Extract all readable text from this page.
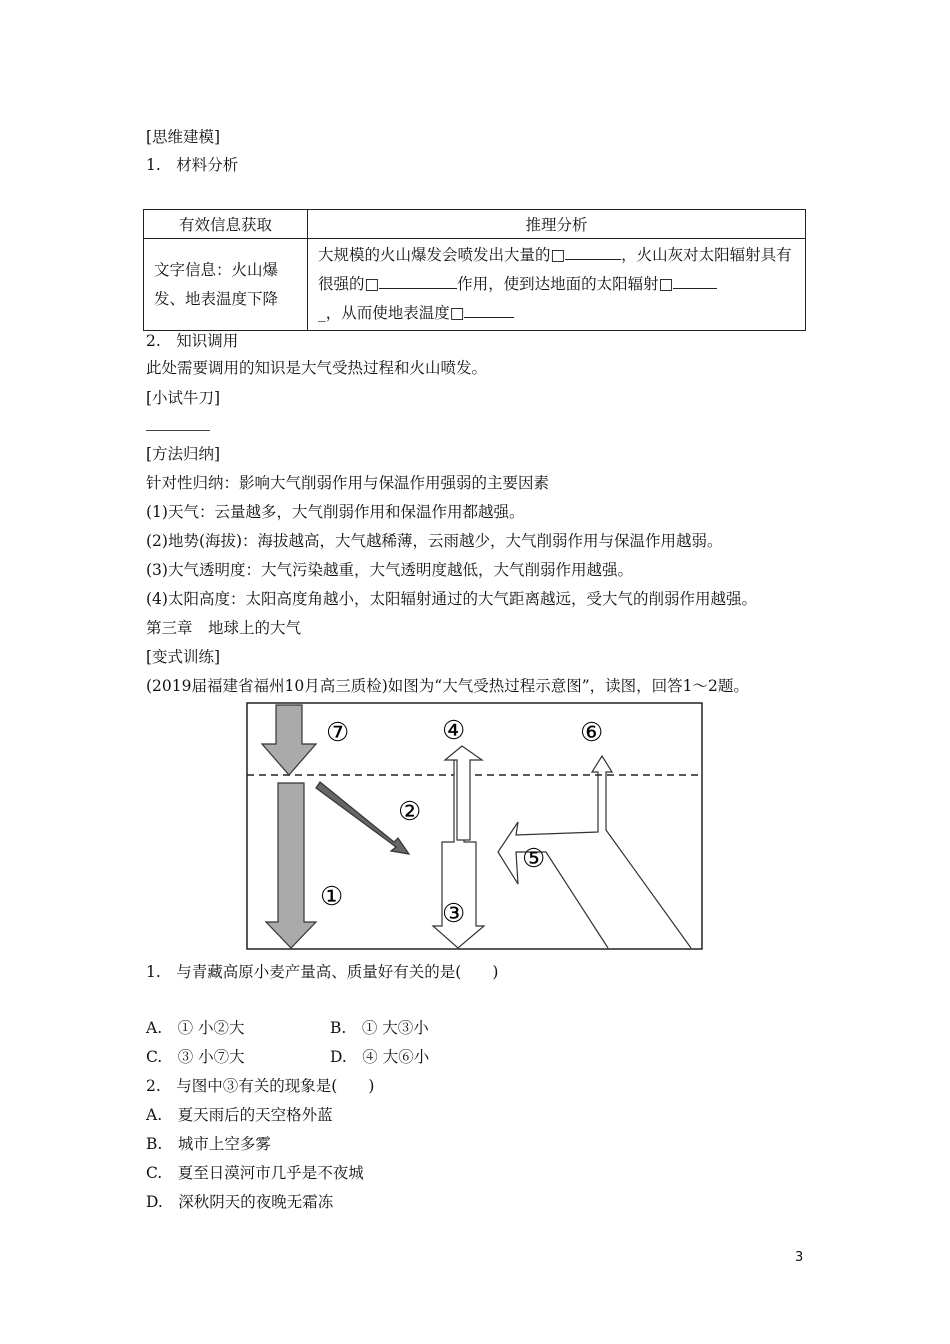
[思维建模]
1.　材料分析
有效信息获取	推理分析
文字信息：火山爆发、地表温度下降	大规模的火山爆发会喷发出大量的□ ，火山灰对太阳辐射具有很强的□ 作用，使到达地面的太阳辐射□
_，从而使地表温度□
2.　知识调用
此处需要调用的知识是大气受热过程和火山喷发。
[小试牛刀]
[方法归纳]
针对性归纳：影响大气削弱作用与保温作用强弱的主要因素
(1)天气：云量越多，大气削弱作用和保温作用都越强。
(2)地势(海拔)：海拔越高，大气越稀薄，云雨越少，大气削弱作用与保温作用越弱。
(3)大气透明度：大气污染越重，大气透明度越低，大气削弱作用越强。
(4)太阳高度：太阳高度角越小，太阳辐射通过的大气距离越远，受大气的削弱作用越强。
第三章　地球上的大气
[变式训练]
(2019届福建省福州10月高三质检)如图为“大气受热过程示意图”，读图，回答1～2题。
⑦
②
①
③
④
⑤
⑥
1.　与青藏高原小麦产量高、质量好有关的是(　　)
A.　① 小②大	B.　① 大③小
C.　③ 小⑦大	D.　④ 大⑥小
2.　与图中③有关的现象是(　　)
A.　夏天雨后的天空格外蓝
B.　城市上空多雾
C.　夏至日漠河市几乎是不夜城
D.　深秋阴天的夜晚无霜冻
3
